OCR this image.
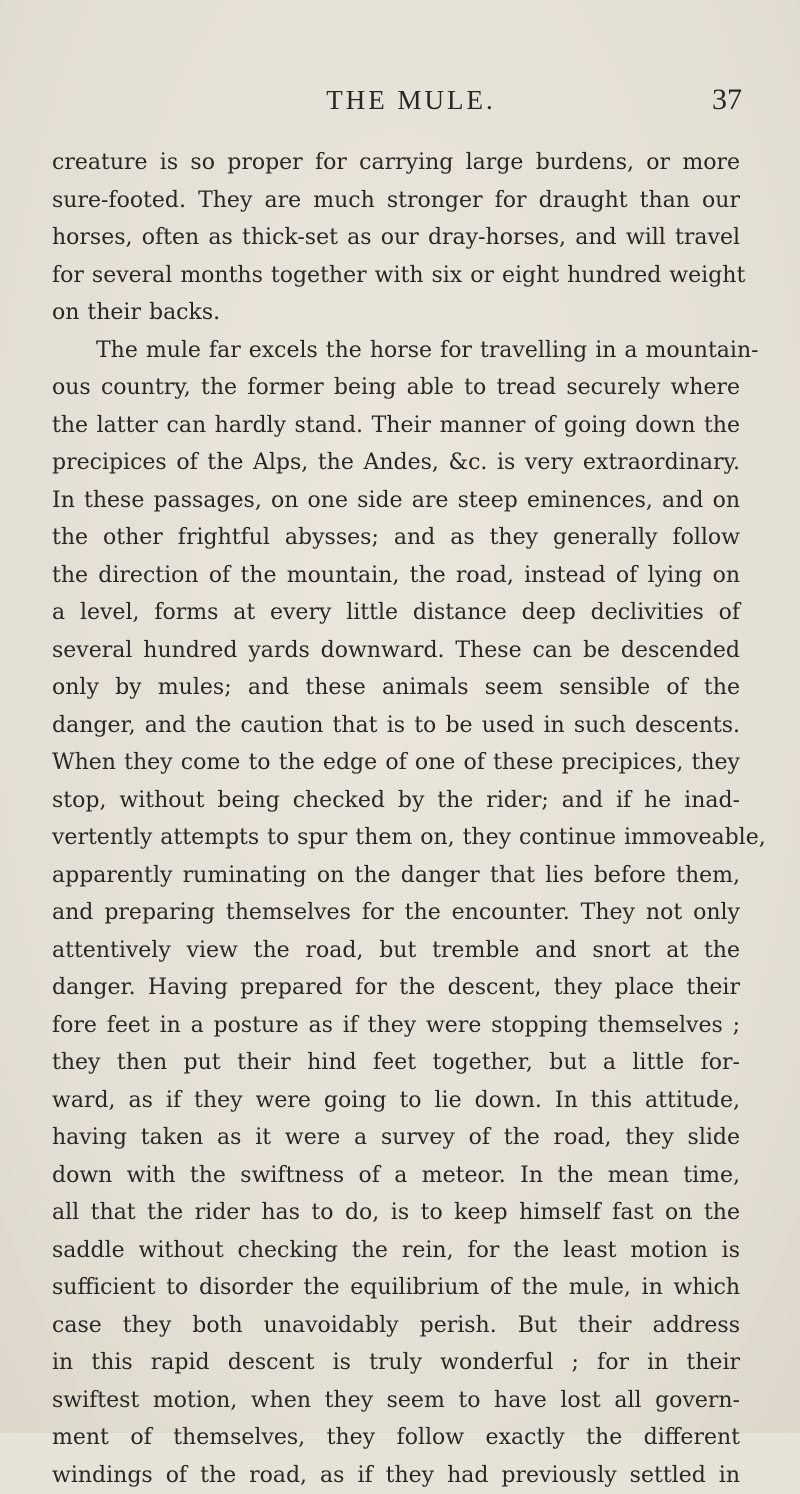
THE MULE.	37
creature is so proper for carrying large burdens, or more
sure-footed. They are much stronger for draught than our
horses, often as thick-set as our dray-horses, and will travel
for several months together with six or eight hundred weight
on their backs.
The mule far excels the horse for travelling in a mountain-
ous country, the former being able to tread securely where
the latter can hardly stand. Their manner of going down the
precipices of the Alps, the Andes, &c. is very extraordinary.
In these passages, on one side are steep eminences, and on
the other frightful abysses; and as they generally follow
the direction of the mountain, the road, instead of lying on
a level, forms at every little distance deep declivities of
several hundred yards downward. These can be descended
only by mules; and these animals seem sensible of the
danger, and the caution that is to be used in such descents.
When they come to the edge of one of these precipices, they
stop, without being checked by the rider; and if he inad-
vertently attempts to spur them on, they continue immoveable,
apparently ruminating on the danger that lies before them,
and preparing themselves for the encounter. They not only
attentively view the road, but tremble and snort at the
danger. Having prepared for the descent, they place their
fore feet in a posture as if they were stopping themselves ;
they then put their hind feet together, but a little for-
ward, as if they were going to lie down. In this attitude,
having taken as it were a survey of the road, they slide
down with the swiftness of a meteor. In the mean time,
all that the rider has to do, is to keep himself fast on the
saddle without checking the rein, for the least motion is
sufficient to disorder the equilibrium of the mule, in which
case they both unavoidably perish. But their address
in this rapid descent is truly wonderful ; for in their
swiftest motion, when they seem to have lost all govern-
ment of themselves, they follow exactly the different
windings of the road, as if they had previously settled in
